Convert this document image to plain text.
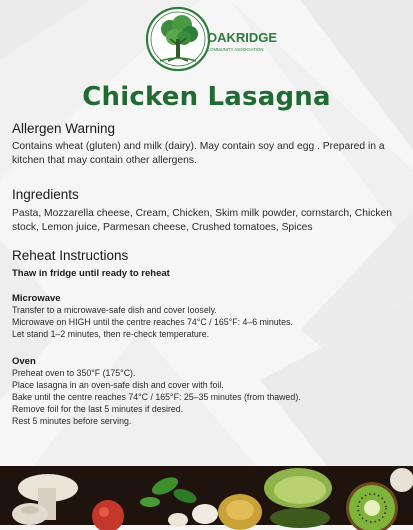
OAKRIDGE
COMMUNITY ASSOCIATION
Chicken Lasagna
Allergen Warning
Contains wheat (gluten) and milk (dairy). May contain soy and egg . Prepared in a
kitchen that may contain other allergens.
Ingredients
Pasta, Mozzarella cheese, Cream, Chicken, Skim milk powder, cornstarch, Chicken
stock, Lemon juice, Parmesan cheese, Crushed tomatoes, Spices
Reheat Instructions
Thaw in fridge until ready to reheat
Microwave
Transfer to a microwave-safe dish and cover loosely.
Microwave on HIGH until the centre reaches 74°C / 165°F: 4–6 minutes.
Let stand 1–2 minutes, then re-check temperature.
Oven
Preheat oven to 350°F (175°C).
Place lasagna in an oven-safe dish and cover with foil.
Bake until the centre reaches 74°C / 165°F: 25–35 minutes (from thawed).
Remove foil for the last 5 minutes if desired.
Rest 5 minutes before serving.
